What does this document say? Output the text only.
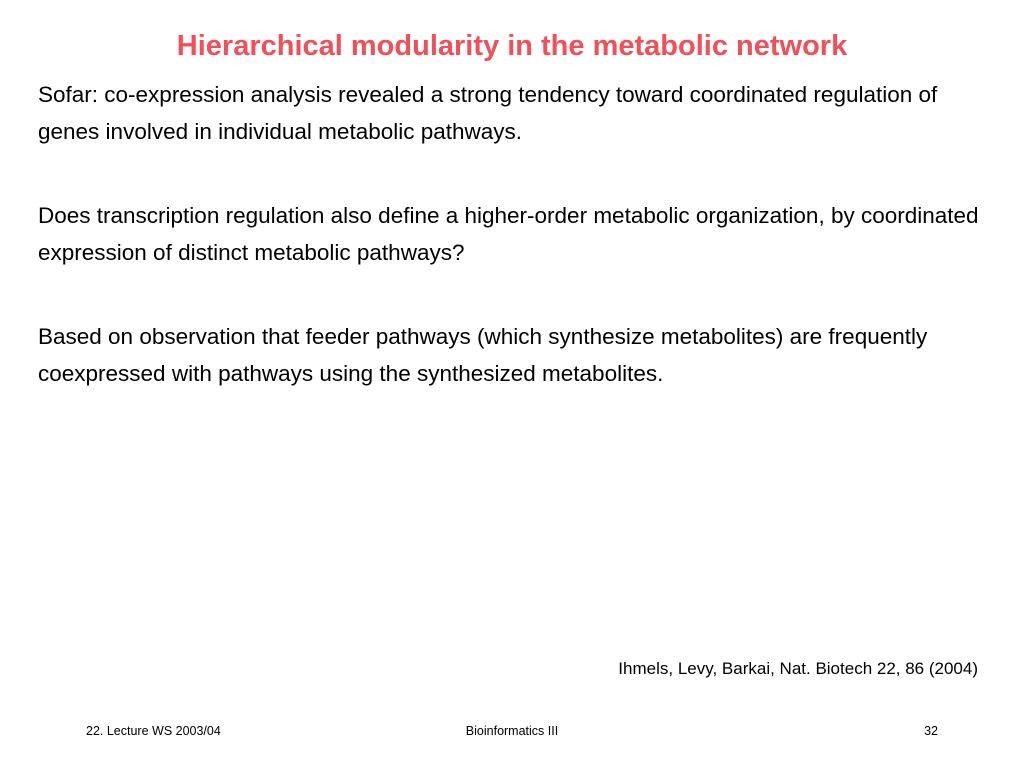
Hierarchical modularity in the metabolic network

Sofar: co-expression analysis revealed a strong tendency toward coordinated regulation of genes involved in individual metabolic pathways.

Does transcription regulation also define a higher-order metabolic organization, by coordinated expression of distinct metabolic pathways?

Based on observation that feeder pathways (which synthesize metabolites) are frequently coexpressed with pathways using the synthesized metabolites.

Ihmels, Levy, Barkai, Nat. Biotech 22, 86 (2004)

22. Lecture WS 2003/04	Bioinformatics III	32
